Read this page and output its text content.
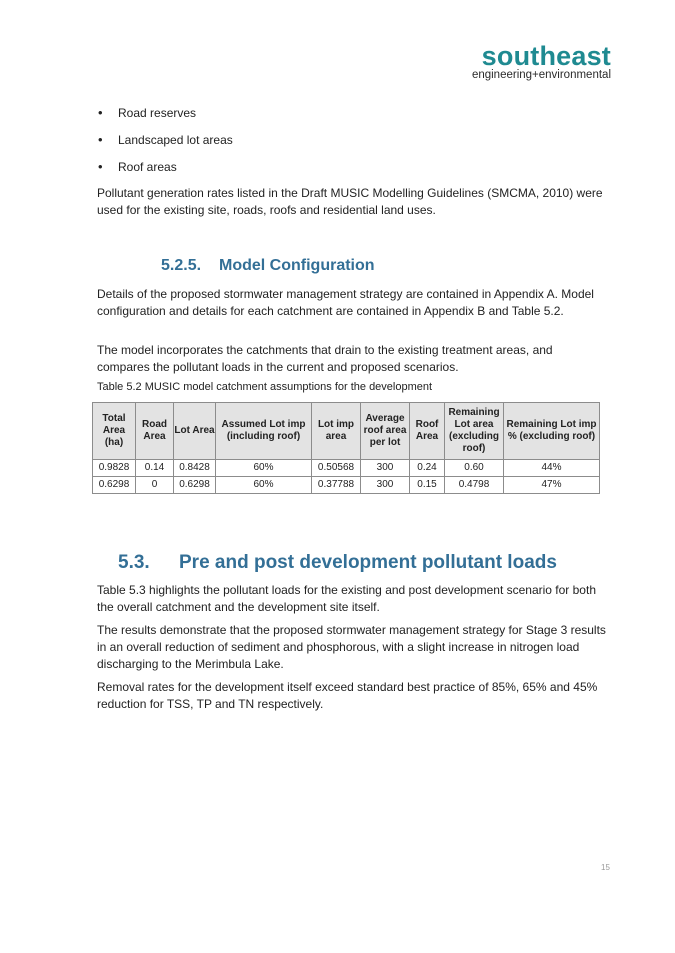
southeast
engineering+environmental
• Road reserves
• Landscaped lot areas
• Roof areas

Pollutant generation rates listed in the Draft MUSIC Modelling Guidelines (SMCMA, 2010) were used for the existing site, roads, roofs and residential land uses.

5.2.5. Model Configuration

Details of the proposed stormwater management strategy are contained in Appendix A. Model configuration and details for each catchment are contained in Appendix B and Table 5.2.

The model incorporates the catchments that drain to the existing treatment areas, and compares the pollutant loads in the current and proposed scenarios.

Table 5.2 MUSIC model catchment assumptions for the development

Total Area (ha)	Road Area	Lot Area	Assumed Lot imp (including roof)	Lot imp area	Average roof area per lot	Roof Area	Remaining Lot area (excluding roof)	Remaining Lot imp % (excluding roof)
0.9828	0.14	0.8428	60%	0.50568	300	0.24	0.60	44%
0.6298	0	0.6298	60%	0.37788	300	0.15	0.4798	47%
5.3. Pre and post development pollutant loads

Table 5.3 highlights the pollutant loads for the existing and post development scenario for both the overall catchment and the development site itself.

The results demonstrate that the proposed stormwater management strategy for Stage 3 results in an overall reduction of sediment and phosphorous, with a slight increase in nitrogen load discharging to the Merimbula Lake.

Removal rates for the development itself exceed standard best practice of 85%, 65% and 45% reduction for TSS, TP and TN respectively.

15
